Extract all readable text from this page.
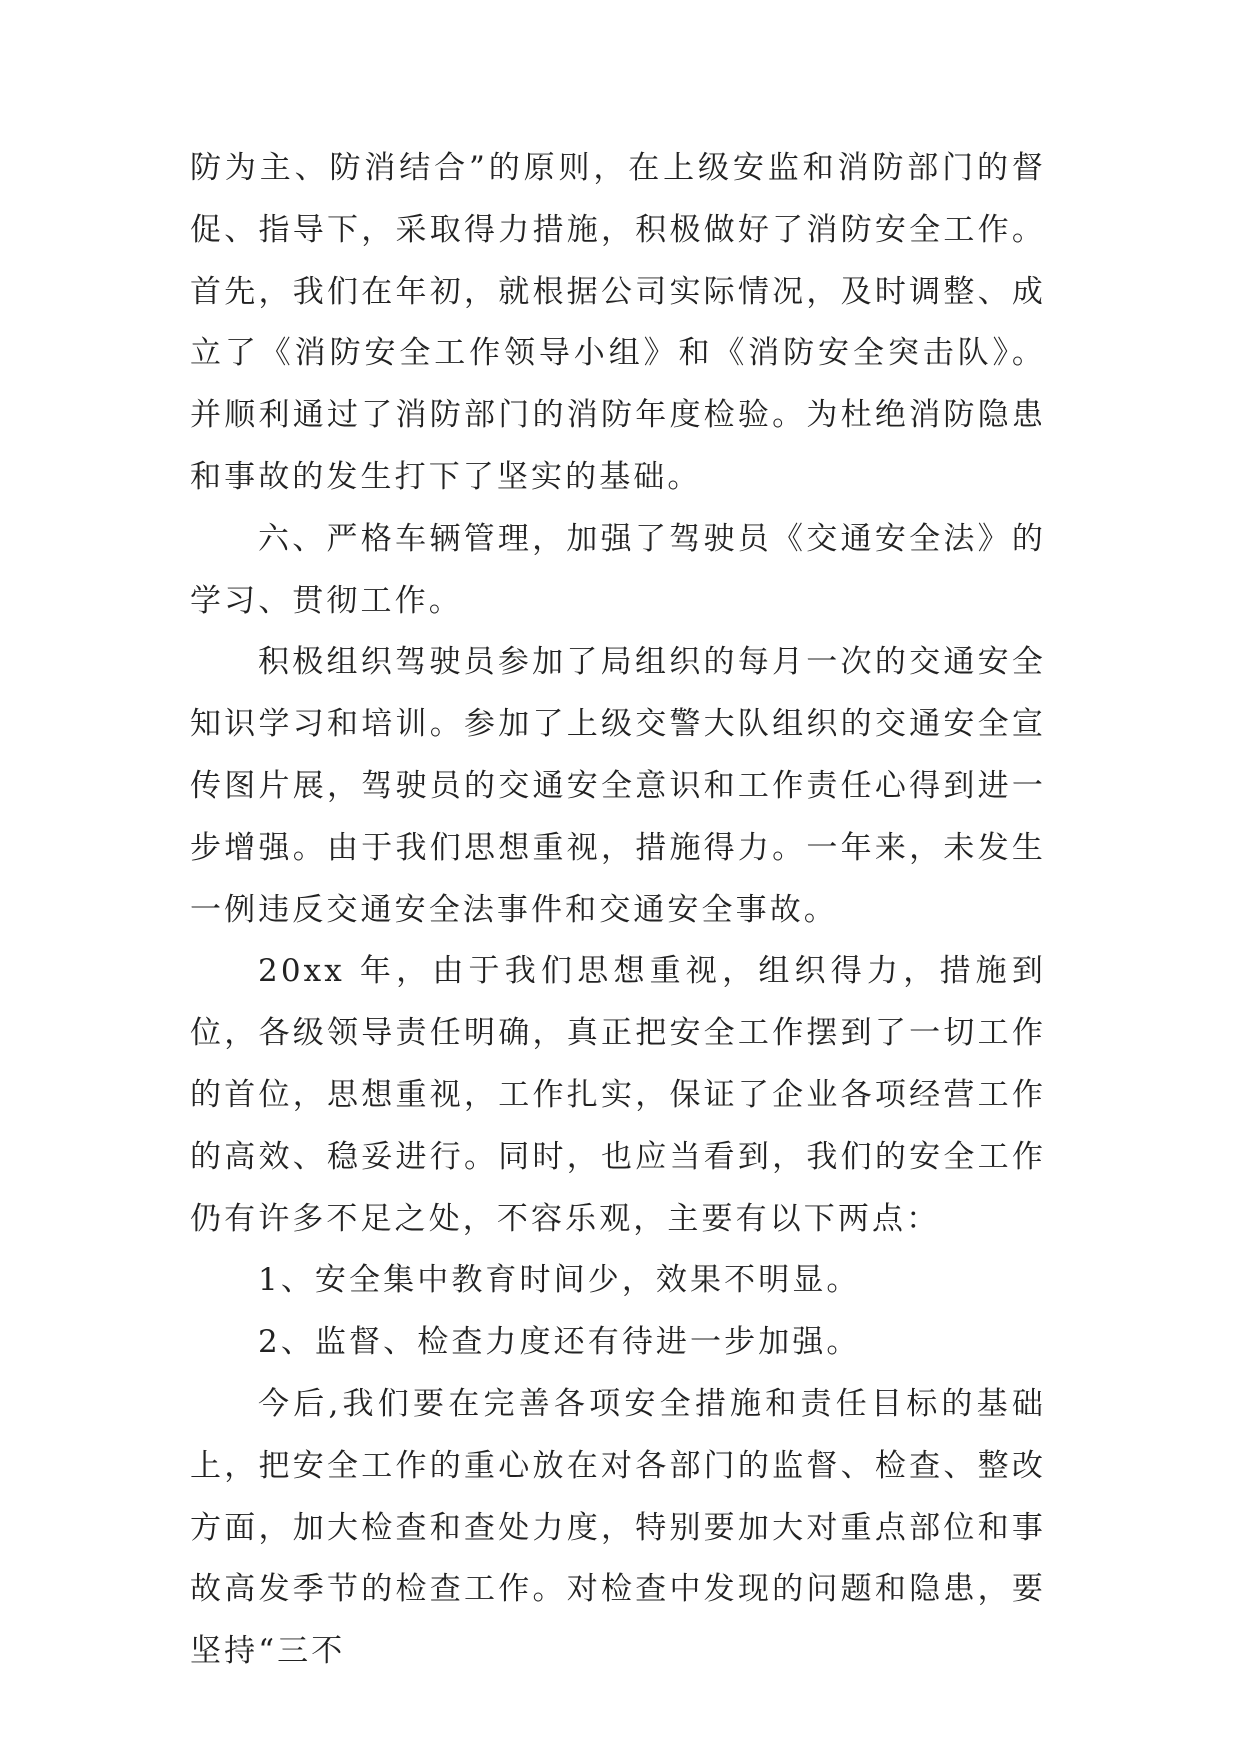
防为主、防消结合”的原则，在上级安监和消防部门的督促、指导下，采取得力措施，积极做好了消防安全工作。首先，我们在年初，就根据公司实际情况，及时调整、成立了《消防安全工作领导小组》和《消防安全突击队》。并顺利通过了消防部门的消防年度检验。为杜绝消防隐患和事故的发生打下了坚实的基础。

六、严格车辆管理，加强了驾驶员《交通安全法》的学习、贯彻工作。

积极组织驾驶员参加了局组织的每月一次的交通安全知识学习和培训。参加了上级交警大队组织的交通安全宣传图片展，驾驶员的交通安全意识和工作责任心得到进一步增强。由于我们思想重视，措施得力。一年来，未发生一例违反交通安全法事件和交通安全事故。

20xx 年，由于我们思想重视，组织得力，措施到位，各级领导责任明确，真正把安全工作摆到了一切工作的首位，思想重视，工作扎实，保证了企业各项经营工作的高效、稳妥进行。同时，也应当看到，我们的安全工作仍有许多不足之处，不容乐观，主要有以下两点：

1、安全集中教育时间少，效果不明显。

2、监督、检查力度还有待进一步加强。

今后,我们要在完善各项安全措施和责任目标的基础上，把安全工作的重心放在对各部门的监督、检查、整改方面，加大检查和查处力度，特别要加大对重点部位和事故高发季节的检查工作。对检查中发现的问题和隐患，要坚持“三不
